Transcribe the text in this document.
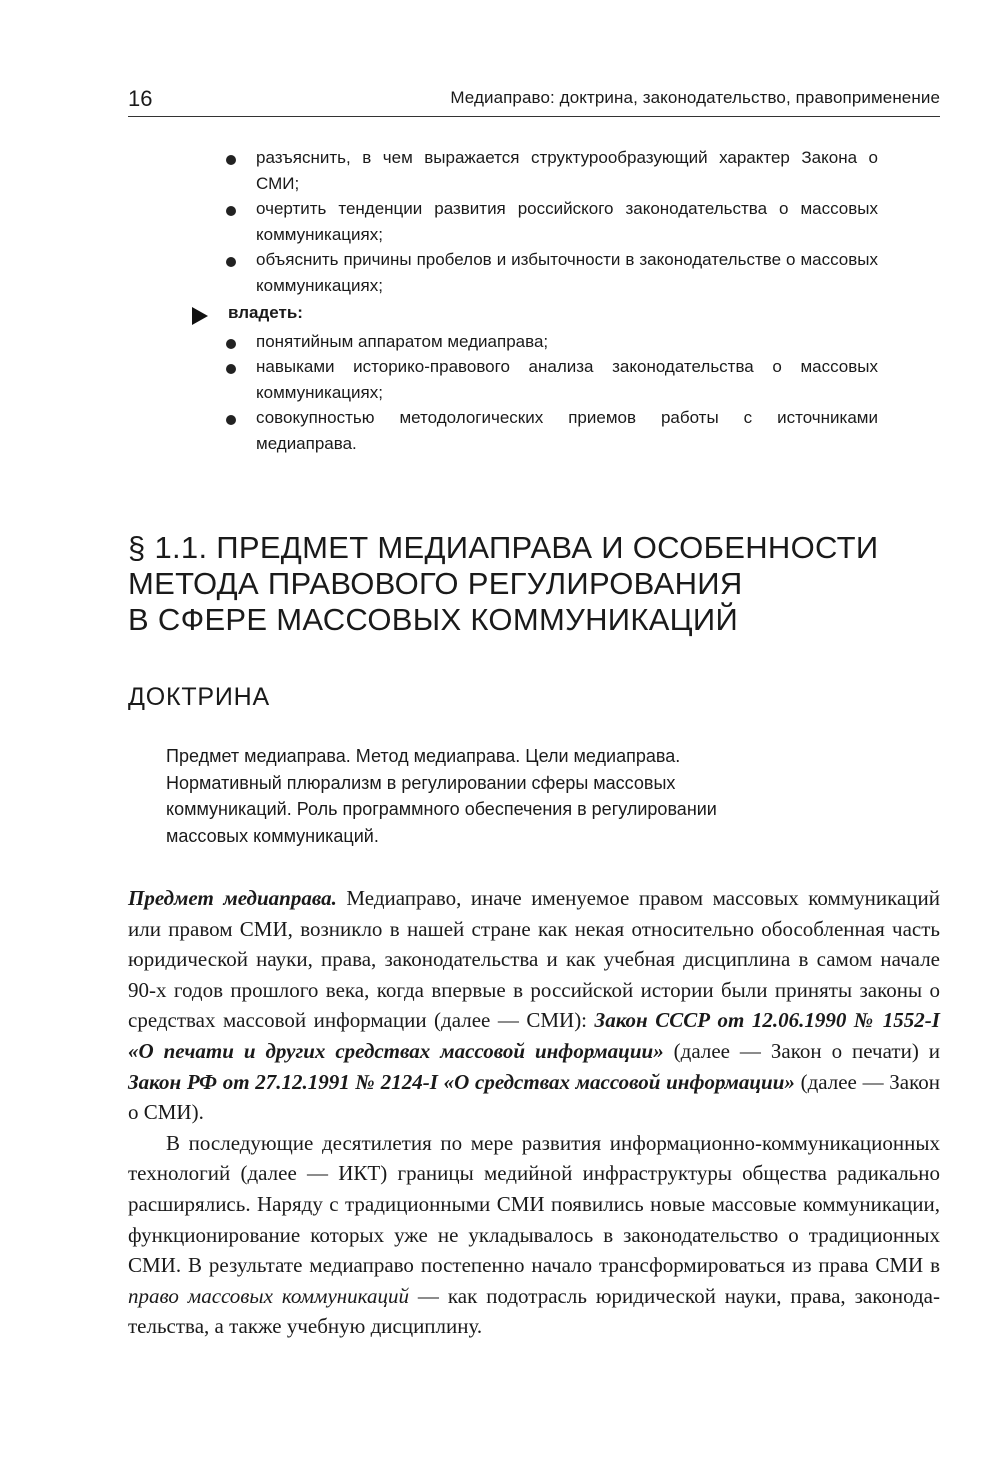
16	Медиаправо: доктрина, законодательство, правоприменение
разъяснить, в чем выражается структурообразующий характер Закона о СМИ;
очертить тенденции развития российского законодательства о массовых коммуникациях;
объяснить причины пробелов и избыточности в законодательстве о массовых коммуникациях;
владеть:
понятийным аппаратом медиаправа;
навыками историко-правового анализа законодательства о массовых коммуникациях;
совокупностью методологических приемов работы с источниками медиаправа.
§ 1.1. ПРЕДМЕТ МЕДИАПРАВА И ОСОБЕННОСТИ
МЕТОДА ПРАВОВОГО РЕГУЛИРОВАНИЯ
В СФЕРЕ МАССОВЫХ КОММУНИКАЦИЙ
ДОКТРИНА
Предмет медиаправа. Метод медиаправа. Цели медиаправа.
Нормативный плюрализм в регулировании сферы массовых
коммуникаций. Роль программного обеспечения в регулировании
массовых коммуникаций.

Предмет медиаправа. Медиаправо, иначе именуемое правом массовых коммуникаций или правом СМИ, возникло в нашей стране как некая относительно обособленная часть юридической науки, права, законодательства и как учебная дисциплина в самом начале 90-х годов прошлого века, когда впервые в российской истории были приняты законы о средствах массовой информации (далее — СМИ): Закон СССР от 12.06.1990 № 1552-I «О печати и других средствах массовой информации» (далее — Закон о печати) и Закон РФ от 27.12.1991 № 2124-I «О средствах массовой информации» (далее — Закон о СМИ).

В последующие десятилетия по мере развития информационно-коммуникационных технологий (далее — ИКТ) границы медийной инфраструктуры общества радикально расширялись. Наряду с традиционными СМИ появились новые массовые коммуникации, функционирование которых уже не укладывалось в законодательство о традиционных СМИ. В результате медиаправо постепенно начало трансформироваться из права СМИ в право массовых коммуникаций — как подотрасль юридической науки, права, законодательства, а также учебную дисциплину.
